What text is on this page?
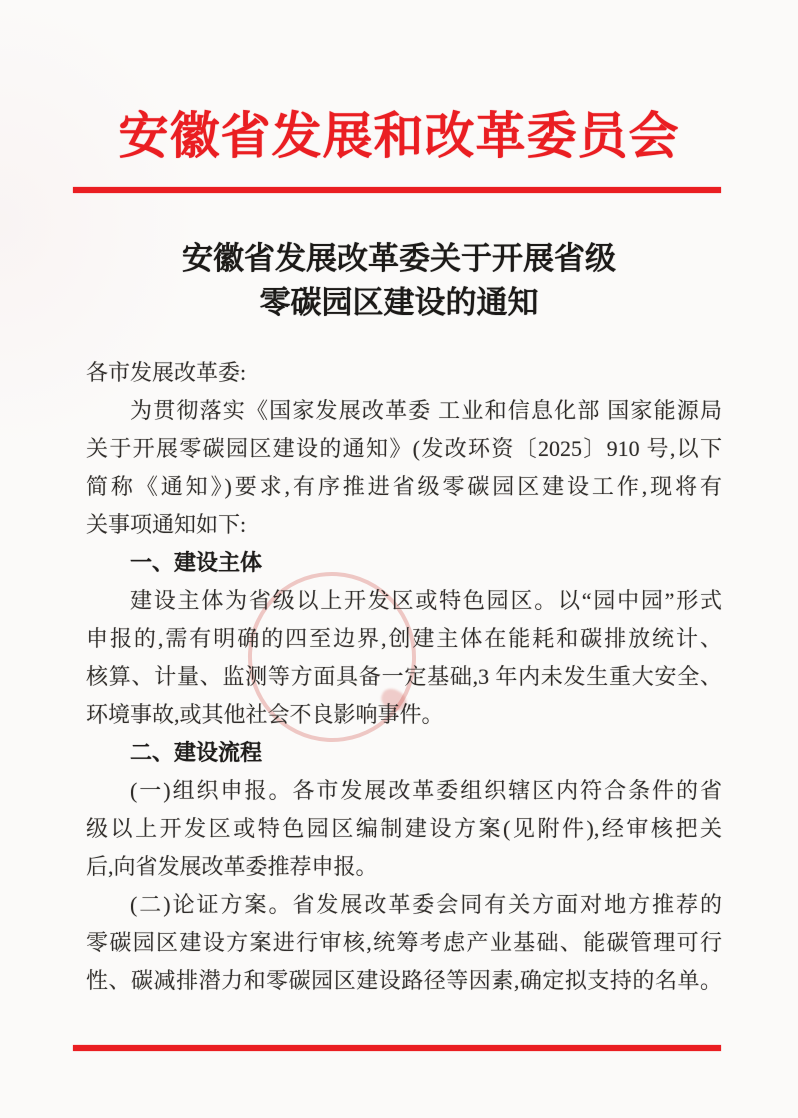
安徽省发展和改革委员会
安徽省发展改革委关于开展省级
零碳园区建设的通知
各市发展改革委:
为贯彻落实《国家发展改革委 工业和信息化部 国家能源局
关于开展零碳园区建设的通知》(发改环资〔2025〕910 号,以下
简称《通知》)要求,有序推进省级零碳园区建设工作,现将有
关事项通知如下:
一、建设主体
建设主体为省级以上开发区或特色园区。以“园中园”形式
申报的,需有明确的四至边界,创建主体在能耗和碳排放统计、
核算、计量、监测等方面具备一定基础,3 年内未发生重大安全、
环境事故,或其他社会不良影响事件。
二、建设流程
(一)组织申报。各市发展改革委组织辖区内符合条件的省
级以上开发区或特色园区编制建设方案(见附件),经审核把关
后,向省发展改革委推荐申报。
(二)论证方案。省发展改革委会同有关方面对地方推荐的
零碳园区建设方案进行审核,统筹考虑产业基础、能碳管理可行
性、碳减排潜力和零碳园区建设路径等因素,确定拟支持的名单。
